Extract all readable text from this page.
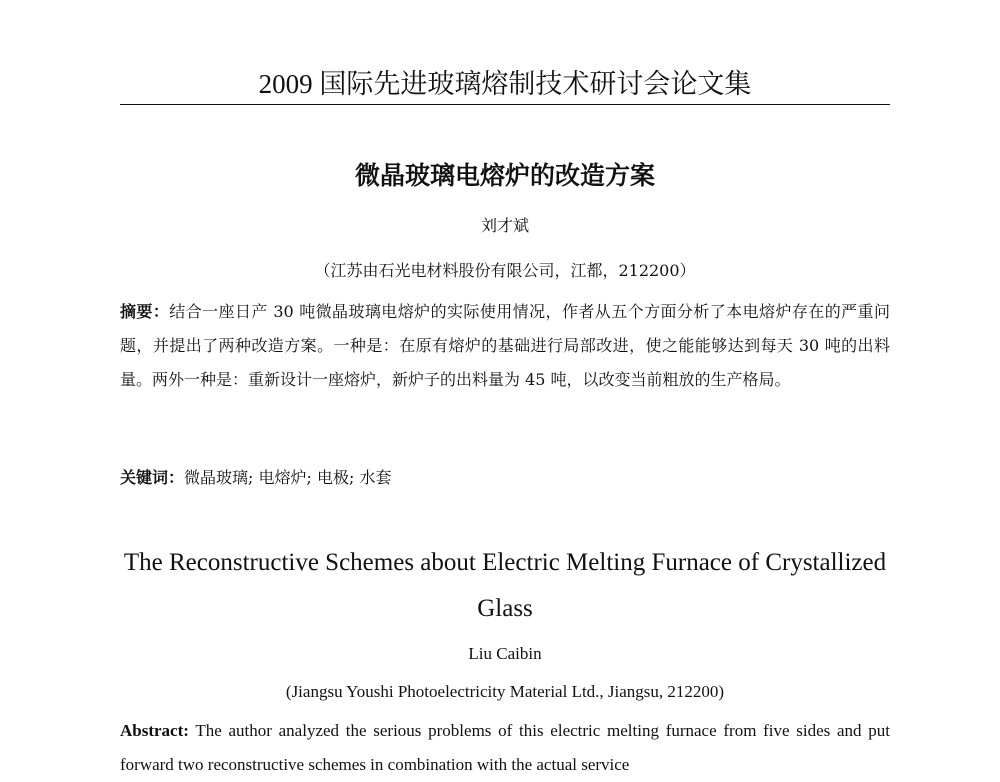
2009 国际先进玻璃熔制技术研讨会论文集
微晶玻璃电熔炉的改造方案
刘才斌
（江苏由石光电材料股份有限公司，江都，212200）
摘要：结合一座日产 30 吨微晶玻璃电熔炉的实际使用情况，作者从五个方面分析了本电熔炉存在的严重问题，并提出了两种改造方案。一种是：在原有熔炉的基础进行局部改进，使之能能够达到每天 30 吨的出料量。两外一种是：重新设计一座熔炉，新炉子的出料量为 45 吨，以改变当前粗放的生产格局。
关键词：微晶玻璃; 电熔炉; 电极; 水套
The Reconstructive Schemes about Electric Melting Furnace of Crystallized Glass
Liu Caibin
(Jiangsu Youshi Photoelectricity Material Ltd., Jiangsu, 212200)
Abstract: The author analyzed the serious problems of this electric melting furnace from five sides and put forward two reconstructive schemes in combination with the actual service
